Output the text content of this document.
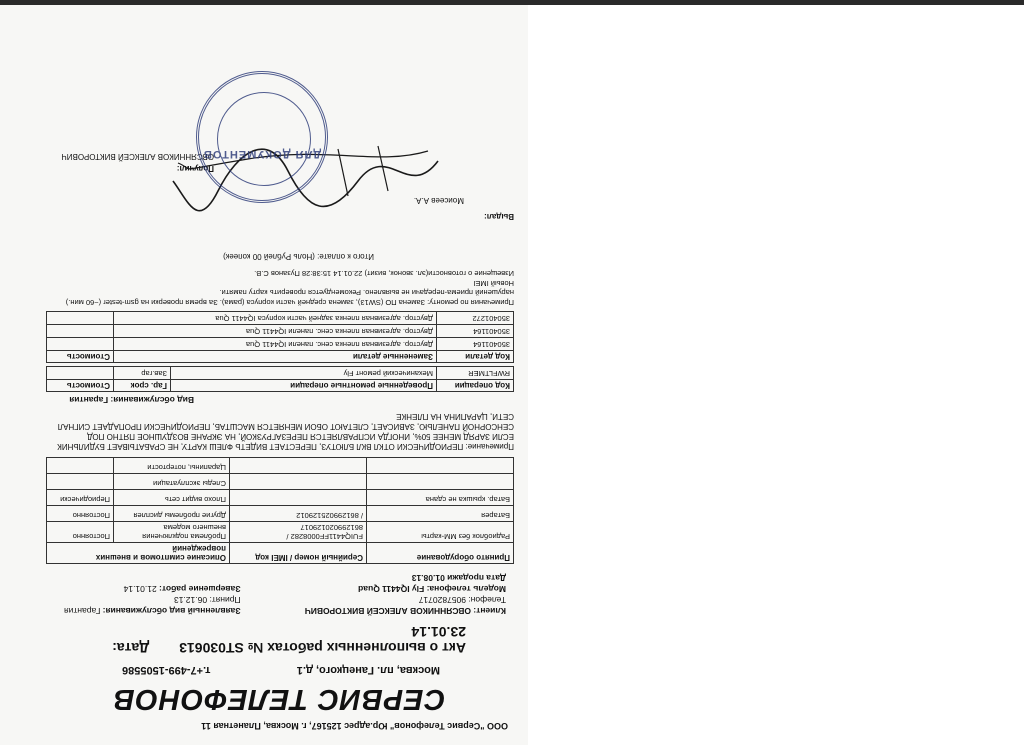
ООО "Сервис Телефонов" Юр.адрес 125167, г. Москва, Планетная 11
СЕРВИС ТЕЛЕФОНОВ
Москва, пл. Ганецкого, д.1
т.+7-499-1505586
Акт о выполненных работах № ST030613 Дата: 23.01.14
Клиент: ОВСЯННИКОВ АЛЕКСЕЙ ВИКТОРОВИЧ
Телефон: 9057820717
Модель телефона: Fly IQ4411 Quad
Дата продажи 01.08.13
Заявленный вид обслуживания: Гарантия
Принят: 06.12.13
Завершение работ: 21.01.14
Принято оборудование	Серийный номер / IMEI код	Описание симптомов и внешних повреждений	
Радиоблок без ММ-карты	FUIQ4411FF0008282 / 861299020129017	Проблема подключения внешнего модема	Постоянно
Батарея	/ 861299025129012	Другие проблемы дисплея	Постоянно
Батар. крышка не сдана		Плохо видит сеть	Периодически
		Следы эксплуатации	
		Царапины, потертости	
Примечание: ПЕРИОДИЧЕСКИ ОТКЛ ВКЛ БЛЮТУЗ, ПЕРЕСТАЕТ ВИДЕТЬ ФЛЕШ КАРТУ, НЕ СРАБАТЫВАЕТ БУДИЛЬНИК ЕСЛИ ЗАРЯД МЕНЕЕ 50%, ИНОГДА ИСПРАВЛЯЕТСЯ ПЕРЕЗАГРУЗКОЙ, НА ЭКРАНЕ ВОЗДУШНОЕ ПЯТНО ПОД СЕНСОРНОЙ ПАНЕЛЬЮ, ЗАВИСАЕТ, СЛЕТАЮТ ОБОИ МЕНЯЕТСЯ МАСШТАБ, ПЕРИОДИЧЕСКИ ПРОПАДАЕТ СИГНАЛ СЕТИ, ЦАРАПИНА НА ПЛЕНКЕ
Вид обслуживания: Гарантия
Код операции	Проведенные ремонтные операции	Гар. срок	Стоимость
RWFLTMER	Механический ремонт Fly	Зав.гар	
Код детали	Замененные детали	Стоимость
350401164	Двустор. адгезивная пленка сенс. панели IQ4411 Qua	
350401164	Двустор. адгезивная пленка сенс. панели IQ4411 Qua	
350401272	Двустор. адгезивная пленка задней части корпуса IQ4411 Qua	
Примечания по ремонту: Замена ПО (SW13), замена средней части корпуса (рама). За время проверки на gsm-tester (~60 мин.) нарушений приема-передачи не выявлено. Рекомендуется проверить карту памяти.
Новый IMEI
Извещение о готовности(эл. звонок, визит) 22.01.14 15:38:28 Пузанов С.В.
Итого к оплате: (Ноль Рублей 00 копеек)
Выдал:
Моисеев А.А.
Получил:
ОВСЯННИКОВ АЛЕКСЕЙ ВИКТОРОВИЧ
ДЛЯ ДОКУМЕНТОВ
